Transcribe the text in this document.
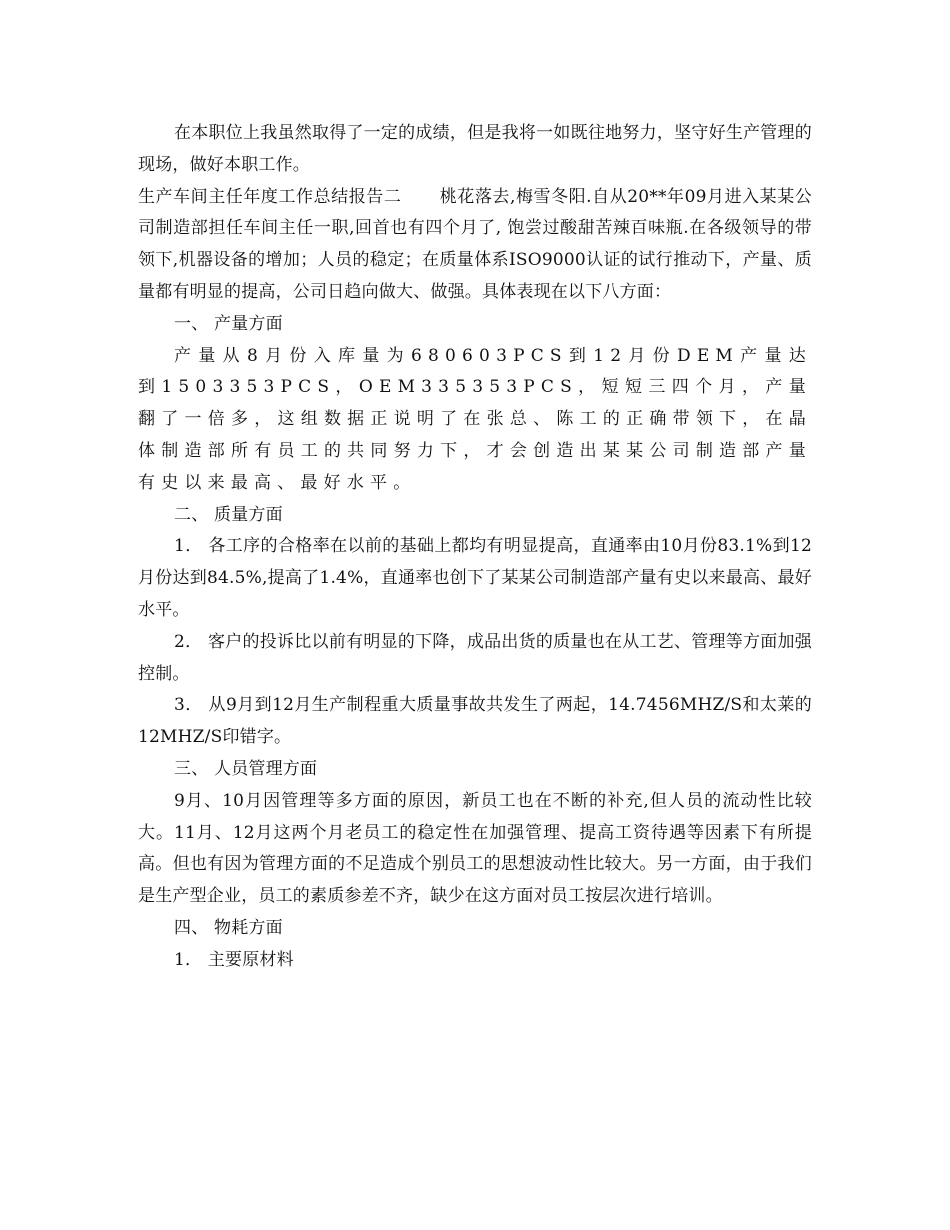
在本职位上我虽然取得了一定的成绩，但是我将一如既往地努力，坚守好生产管理的现场，做好本职工作。

生产车间主任年度工作总结报告二 桃花落去,梅雪冬阳.自从20**年09月进入某某公司制造部担任车间主任一职,回首也有四个月了, 饱尝过酸甜苦辣百味瓶.在各级领导的带领下,机器设备的增加；人员的稳定；在质量体系ISO9000认证的试行推动下，产量、质量都有明显的提高，公司日趋向做大、做强。具体表现在以下八方面：

一、 产量方面

产量从8月份入库量为680603PCS到12月份DEM产量达到1503353PCS，OEM335353PCS，短短三四个月，产量翻了一倍多，这组数据正说明了在张总、陈工的正确带领下，在晶体制造部所有员工的共同努力下，才会创造出某某公司制造部产量有史以来最高、最好水平。

二、 质量方面

1． 各工序的合格率在以前的基础上都均有明显提高，直通率由10月份83.1%到12月份达到84.5%,提高了1.4%，直通率也创下了某某公司制造部产量有史以来最高、最好水平。

2． 客户的投诉比以前有明显的下降，成品出货的质量也在从工艺、管理等方面加强控制。

3． 从9月到12月生产制程重大质量事故共发生了两起，14.7456MHZ/S和太莱的12MHZ/S印错字。

三、 人员管理方面

9月、10月因管理等多方面的原因，新员工也在不断的补充,但人员的流动性比较大。11月、12月这两个月老员工的稳定性在加强管理、提高工资待遇等因素下有所提高。但也有因为管理方面的不足造成个别员工的思想波动性比较大。另一方面，由于我们是生产型企业，员工的素质参差不齐，缺少在这方面对员工按层次进行培训。

四、 物耗方面

1． 主要原材料
